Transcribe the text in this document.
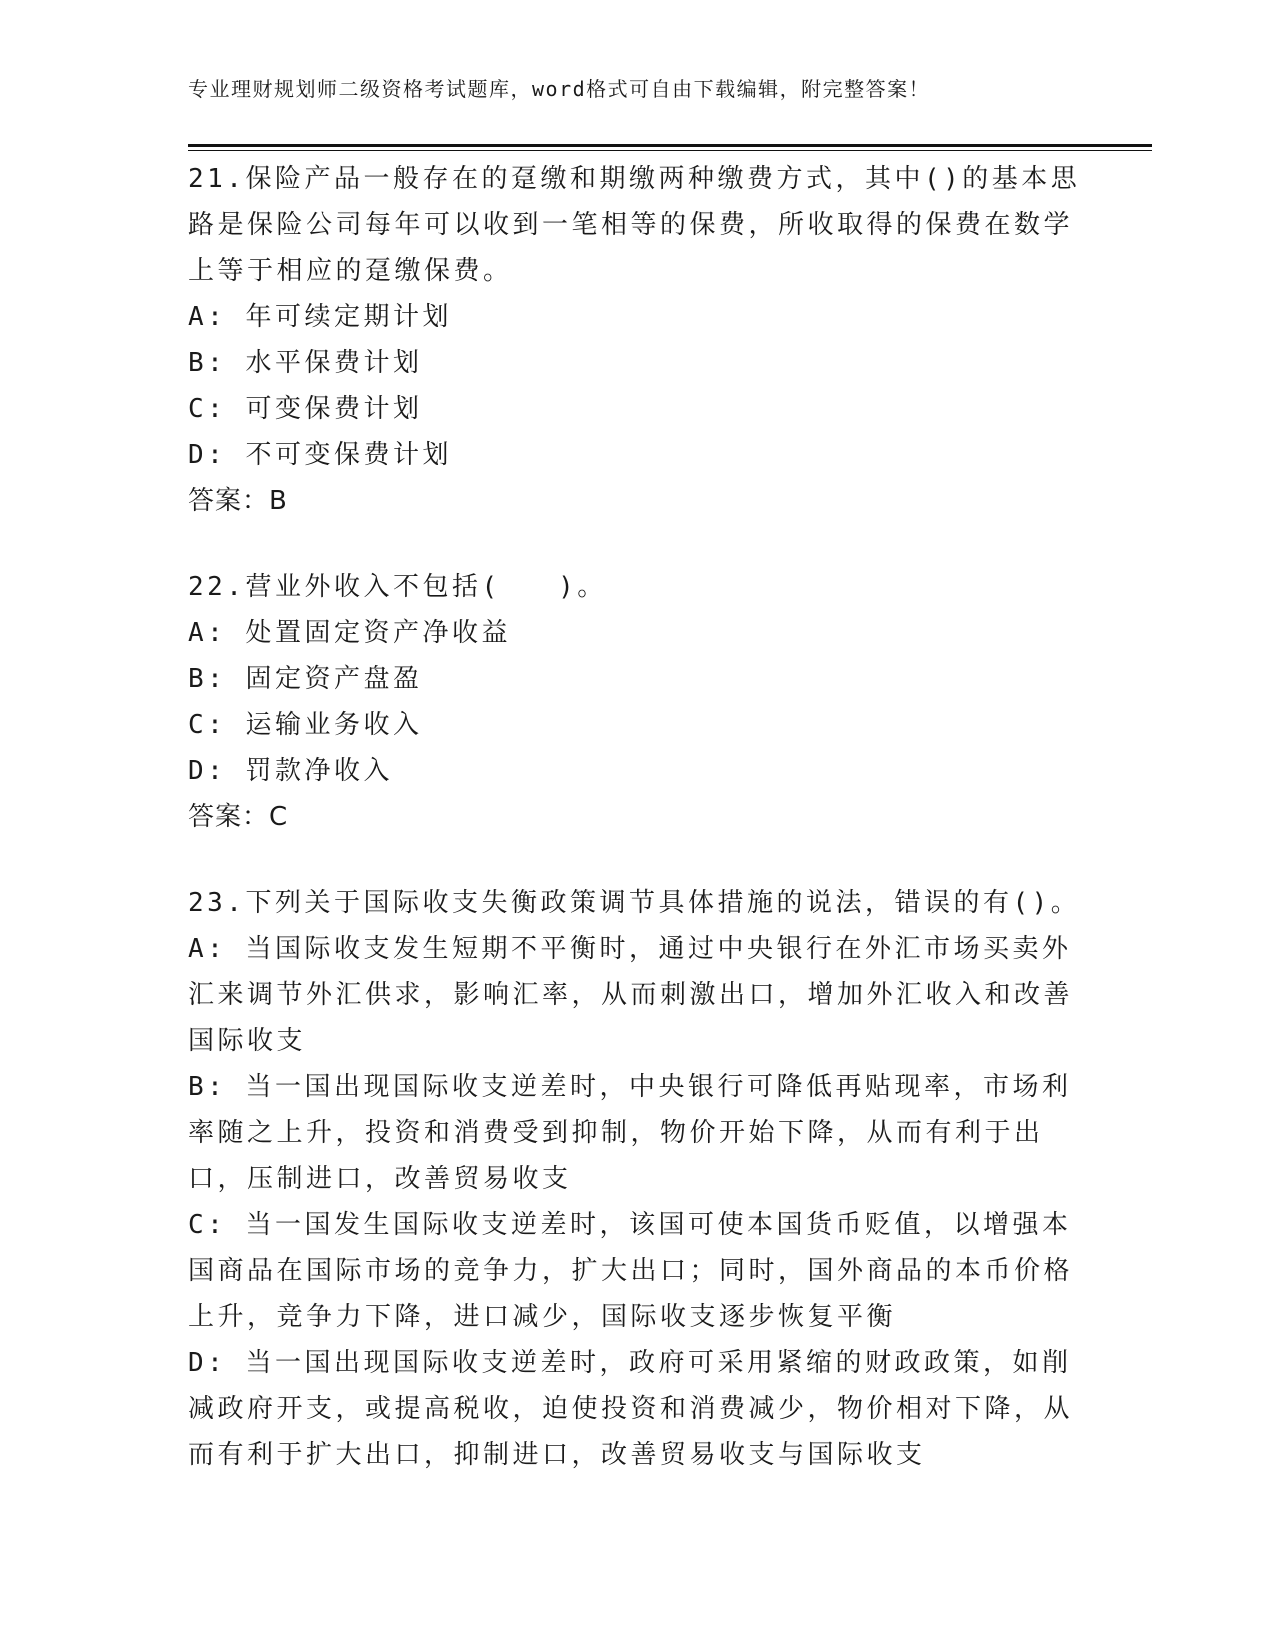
专业理财规划师二级资格考试题库，word格式可自由下载编辑，附完整答案！
21.保险产品一般存在的趸缴和期缴两种缴费方式，其中()的基本思路是保险公司每年可以收到一笔相等的保费，所收取得的保费在数学上等于相应的趸缴保费。
A: 年可续定期计划
B: 水平保费计划
C: 可变保费计划
D: 不可变保费计划
答案：B
22.营业外收入不包括(   )。
A: 处置固定资产净收益
B: 固定资产盘盈
C: 运输业务收入
D: 罚款净收入
答案：C
23.下列关于国际收支失衡政策调节具体措施的说法，错误的有()。
A: 当国际收支发生短期不平衡时，通过中央银行在外汇市场买卖外汇来调节外汇供求，影响汇率，从而刺激出口，增加外汇收入和改善国际收支
B: 当一国出现国际收支逆差时，中央银行可降低再贴现率，市场利率随之上升，投资和消费受到抑制，物价开始下降，从而有利于出口，压制进口，改善贸易收支
C: 当一国发生国际收支逆差时，该国可使本国货币贬值，以增强本国商品在国际市场的竞争力，扩大出口；同时，国外商品的本币价格上升，竞争力下降，进口减少，国际收支逐步恢复平衡
D: 当一国出现国际收支逆差时，政府可采用紧缩的财政政策，如削减政府开支，或提高税收，迫使投资和消费减少，物价相对下降，从而有利于扩大出口，抑制进口，改善贸易收支与国际收支
